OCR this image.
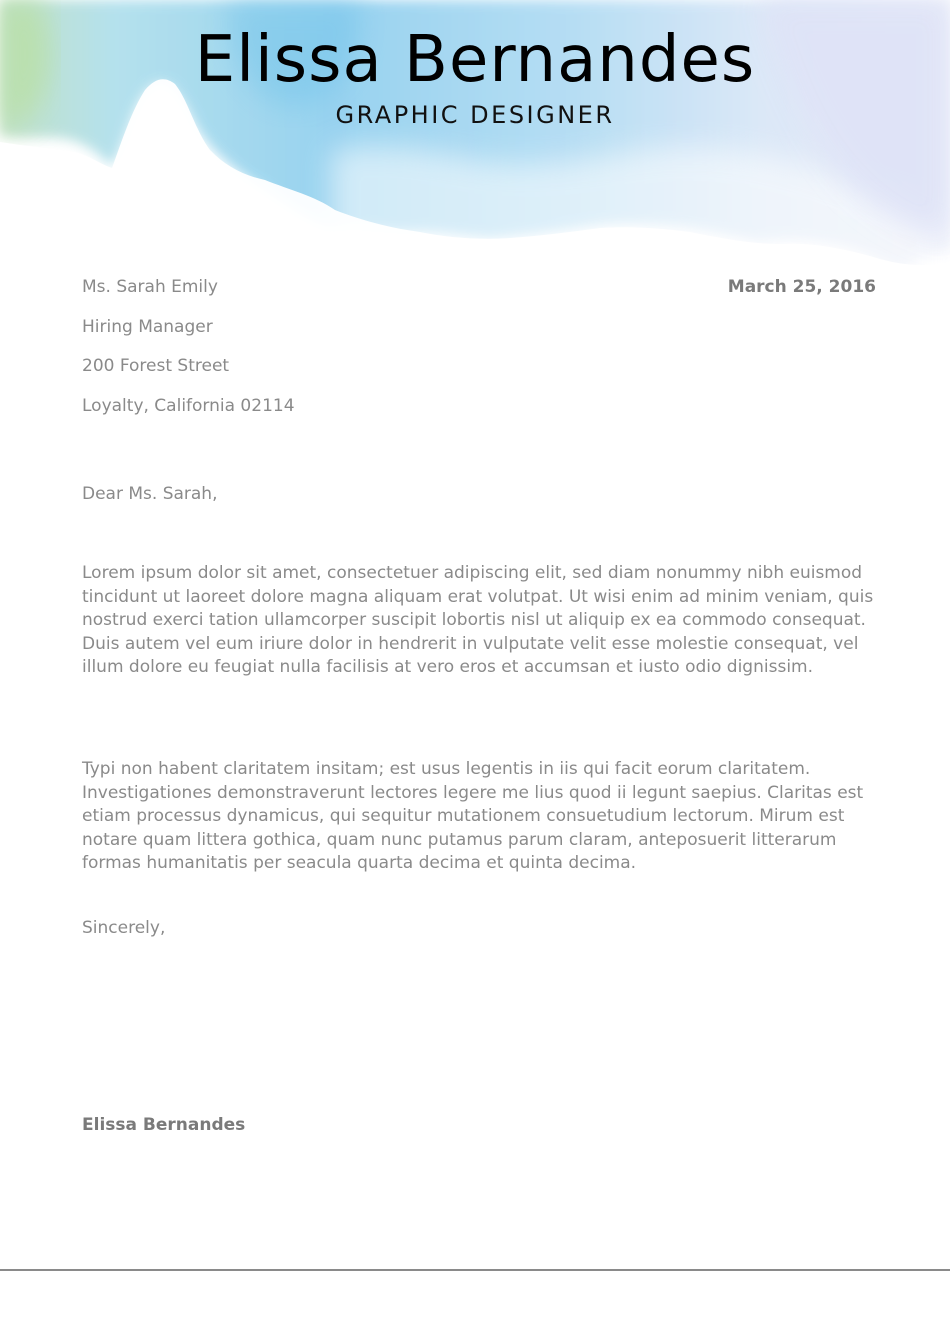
Elissa Bernandes
GRAPHIC DESIGNER
Ms. Sarah Emily
Hiring Manager
200 Forest Street
Loyalty, California 02114
March 25, 2016
Dear Ms. Sarah,
Lorem ipsum dolor sit amet, consectetuer adipiscing elit, sed diam nonummy nibh euismod tincidunt ut laoreet dolore magna aliquam erat volutpat. Ut wisi enim ad minim veniam, quis nostrud exerci tation ullamcorper suscipit lobortis nisl ut aliquip ex ea commodo consequat. Duis autem vel eum iriure dolor in hendrerit in vulputate velit esse molestie consequat, vel illum dolore eu feugiat nulla facilisis at vero eros et accumsan et iusto odio dignissim.
Typi non habent claritatem insitam; est usus legentis in iis qui facit eorum claritatem. Investigationes demonstraverunt lectores legere me lius quod ii legunt saepius. Claritas est etiam processus dynamicus, qui sequitur mutationem consuetudium lectorum. Mirum est notare quam littera gothica, quam nunc putamus parum claram, anteposuerit litterarum formas humanitatis per seacula quarta decima et quinta decima.
Sincerely,
Elissa Bernandes
